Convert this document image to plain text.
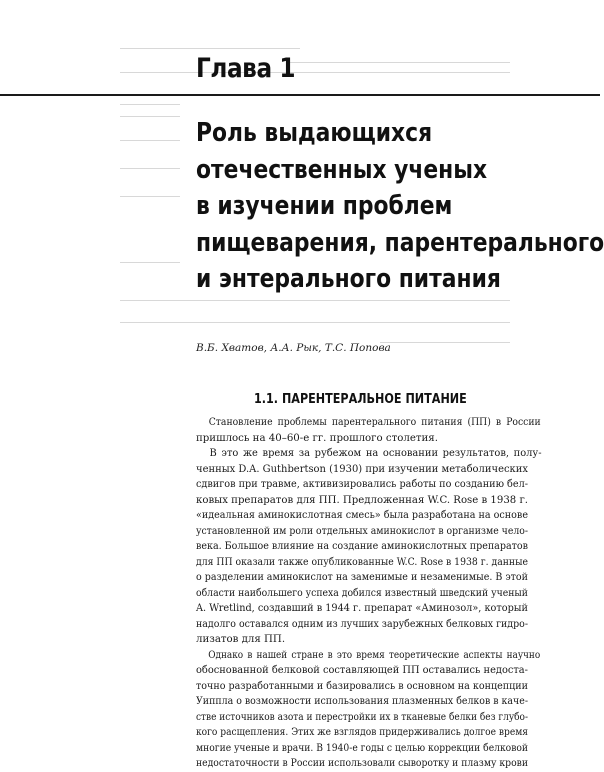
Глава 1
Роль выдающихся
отечественных ученых
в изучении проблем
пищеварения, парентерального
и энтерального питания
В.Б. Хватов, А.А. Рык, Т.С. Попова
1.1. ПАРЕНТЕРАЛЬНОЕ ПИТАНИЕ
Становление проблемы парентерального питания (ПП) в России
пришлось на 40–60-е гг. прошлого столетия.
В это же время за рубежом на основании результатов, полу-
ченных D.A. Guthbertson (1930) при изучении метаболических
сдвигов при травме, активизировались работы по созданию бел-
ковых препаратов для ПП. Предложенная W.C. Rose в 1938 г.
«идеальная аминокислотная смесь» была разработана на основе
установленной им роли отдельных аминокислот в организме чело-
века. Большое влияние на создание аминокислотных препаратов
для ПП оказали также опубликованные W.C. Rose в 1938 г. данные
о разделении аминокислот на заменимые и незаменимые. В этой
области наибольшего успеха добился известный шведский ученый
A. Wretlind, создавший в 1944 г. препарат «Аминозол», который
надолго оставался одним из лучших зарубежных белковых гидро-
лизатов для ПП.
Однако в нашей стране в это время теоретические аспекты научно
обоснованной белковой составляющей ПП оставались недоста-
точно разработанными и базировались в основном на концепции
Уиппла о возможности использования плазменных белков в каче-
стве источников азота и перестройки их в тканевые белки без глубо-
кого расщепления. Этих же взглядов придерживались долгое время
многие ученые и врачи. В 1940-е годы с целью коррекции белковой
недостаточности в России использовали сыворотку и плазму крови
